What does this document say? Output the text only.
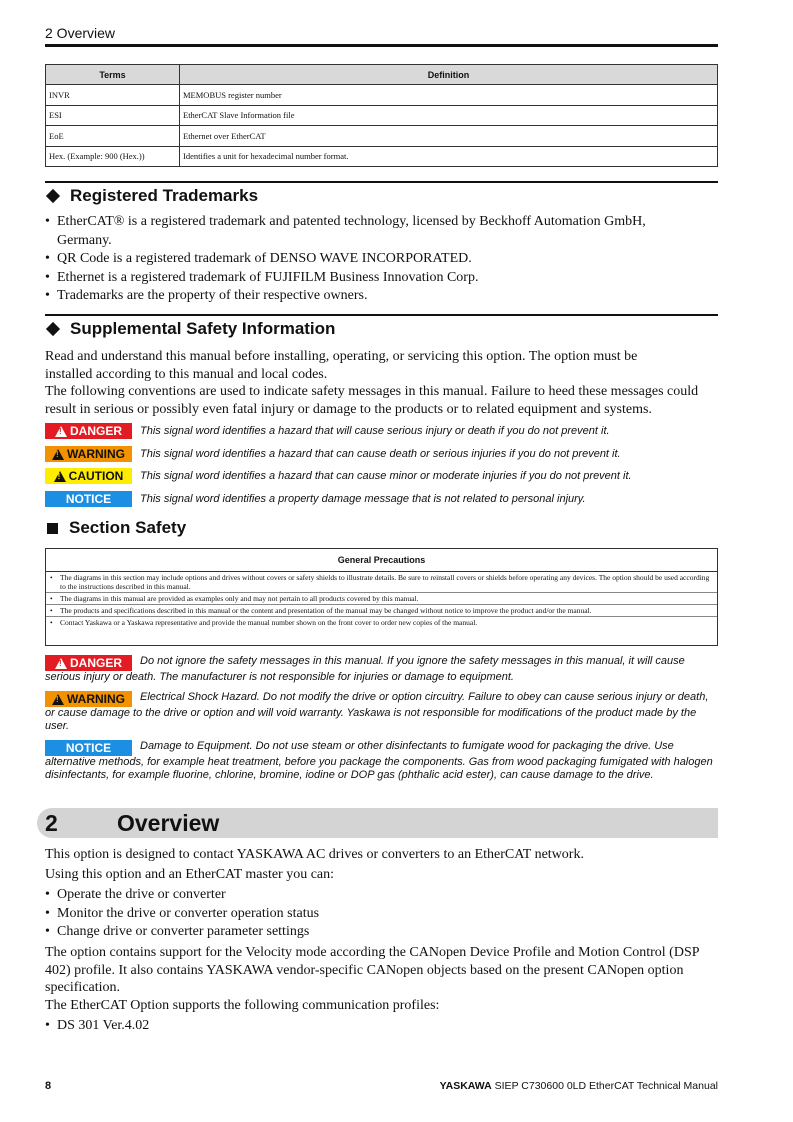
2 Overview
Terms	Definition
INVR	MEMOBUS register number
ESI	EtherCAT Slave Information file
EoE	Ethernet over EtherCAT
Hex. (Example: 900 (Hex.))	Identifies a unit for hexadecimal number format.
Registered Trademarks
• EtherCAT® is a registered trademark and patented technology, licensed by Beckhoff Automation GmbH, Germany.
• QR Code is a registered trademark of DENSO WAVE INCORPORATED.
• Ethernet is a registered trademark of FUJIFILM Business Innovation Corp.
• Trademarks are the property of their respective owners.
Supplemental Safety Information

Read and understand this manual before installing, operating, or servicing this option. The option must be installed according to this manual and local codes.

The following conventions are used to indicate safety messages in this manual. Failure to heed these messages could result in serious or possibly even fatal injury or damage to the products or to related equipment and systems.

!
DANGER This signal word identifies a hazard that will cause serious injury or death if you do not prevent it.
!
WARNING This signal word identifies a hazard that can cause death or serious injuries if you do not prevent it.
!
CAUTION This signal word identifies a hazard that can cause minor or moderate injuries if you do not prevent it.
NOTICE	This signal word identifies a property damage message that is not related to personal injury.
Section Safety
General Precautions
• The diagrams in this section may include options and drives without covers or safety shields to illustrate details. Be sure to reinstall covers or shields before operating any devices. The option should be used according to the instructions described in this manual.
• The diagrams in this manual are provided as examples only and may not pertain to all products covered by this manual.
• The products and specifications described in this manual or the content and presentation of the manual may be changed without notice to improve the product and/or the manual.
• Contact Yaskawa or a Yaskawa representative and provide the manual number shown on the front cover to order new copies of the manual.
!
DANGER Do not ignore the safety messages in this manual. If you ignore the safety messages in this manual, it will cause serious injury or death. The manufacturer is not responsible for injuries or damage to equipment.
!
WARNING Electrical Shock Hazard. Do not modify the drive or option circuitry. Failure to obey can cause serious injury or death, or cause damage to the drive or option and will void warranty. Yaskawa is not responsible for modifications of the product made by the user.
NOTICE	Damage to Equipment. Do not use steam or other disinfectants to fumigate wood for packaging the drive. Use alternative methods, for example heat treatment, before you package the components. Gas from wood packaging fumigated with halogen disinfectants, for example fluorine, chlorine, bromine, iodine or DOP gas (phthalic acid ester), can cause damage to the drive.
2	Overview

This option is designed to contact YASKAWA AC drives or converters to an EtherCAT network.

Using this option and an EtherCAT master you can:

• Operate the drive or converter
• Monitor the drive or converter operation status
• Change drive or converter parameter settings

The option contains support for the Velocity mode according the CANopen Device Profile and Motion Control (DSP 402) profile. It also contains YASKAWA vendor-specific CANopen objects based on the present CANopen option specification.

The EtherCAT Option supports the following communication profiles:

• DS 301 Ver.4.02
8	YASKAWA SIEP C730600 0LD EtherCAT Technical Manual
